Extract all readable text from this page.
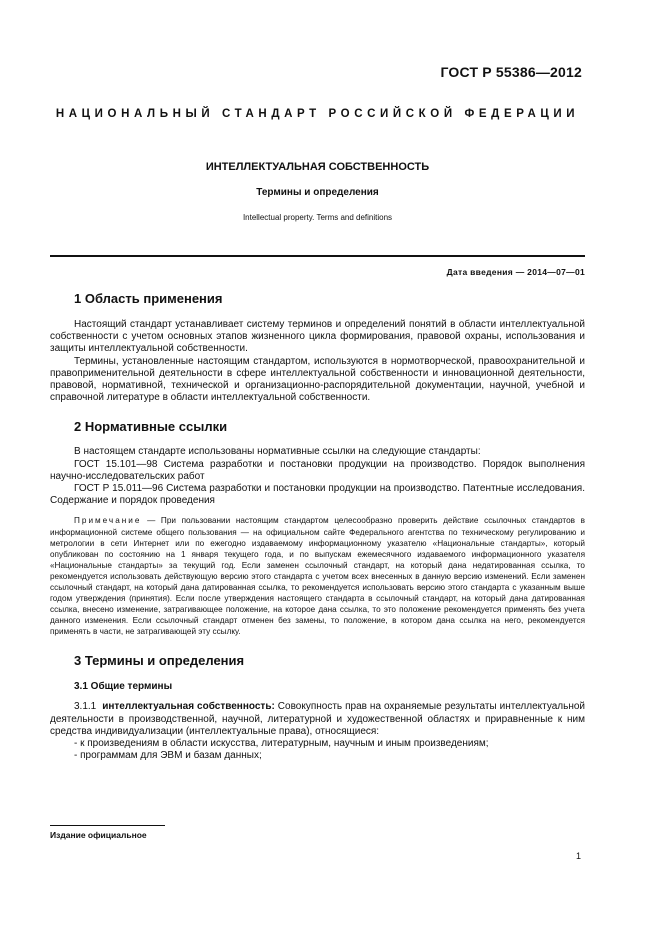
ГОСТ Р 55386—2012
НАЦИОНАЛЬНЫЙ СТАНДАРТ РОССИЙСКОЙ ФЕДЕРАЦИИ
ИНТЕЛЛЕКТУАЛЬНАЯ СОБСТВЕННОСТЬ
Термины и определения
Intellectual property. Terms and definitions
Дата введения — 2014—07—01
1 Область применения

Настоящий стандарт устанавливает систему терминов и определений понятий в области интеллектуальной собственности с учетом основных этапов жизненного цикла формирования, правовой охраны, использования и защиты интеллектуальной собственности.

Термины, установленные настоящим стандартом, используются в нормотворческой, правоохранительной и правоприменительной деятельности в сфере интеллектуальной собственности и инновационной деятельности, правовой, нормативной, технической и организационно-распорядительной документации, научной, учебной и справочной литературе в области интеллектуальной собственности.

2 Нормативные ссылки

В настоящем стандарте использованы нормативные ссылки на следующие стандарты:

ГОСТ 15.101—98 Система разработки и постановки продукции на производство. Порядок выполнения научно-исследовательских работ

ГОСТ Р 15.011—96 Система разработки и постановки продукции на производство. Патентные исследования. Содержание и порядок проведения

Примечание — При пользовании настоящим стандартом целесообразно проверить действие ссылочных стандартов в информационной системе общего пользования — на официальном сайте Федерального агентства по техническому регулированию и метрологии в сети Интернет или по ежегодно издаваемому информационному указателю «Национальные стандарты», который опубликован по состоянию на 1 января текущего года, и по выпускам ежемесячного издаваемого информационного указателя «Национальные стандарты» за текущий год. Если заменен ссылочный стандарт, на который дана недатированная ссылка, то рекомендуется использовать действующую версию этого стандарта с учетом всех внесенных в данную версию изменений. Если заменен ссылочный стандарт, на который дана датированная ссылка, то рекомендуется использовать версию этого стандарта с указанным выше годом утверждения (принятия). Если после утверждения настоящего стандарта в ссылочный стандарт, на который дана датированная ссылка, внесено изменение, затрагивающее положение, на которое дана ссылка, то это положение рекомендуется применять без учета данного изменения. Если ссылочный стандарт отменен без замены, то положение, в котором дана ссылка на него, рекомендуется применять в части, не затрагивающей эту ссылку.

3 Термины и определения
3.1 Общие термины

3.1.1 интеллектуальная собственность: Совокупность прав на охраняемые результаты интеллектуальной деятельности в производственной, научной, литературной и художественной областях и приравненные к ним средства индивидуализации (интеллектуальные права), относящиеся:

- к произведениям в области искусства, литературным, научным и иным произведениям;

- программам для ЭВМ и базам данных;

Издание официальное
1
